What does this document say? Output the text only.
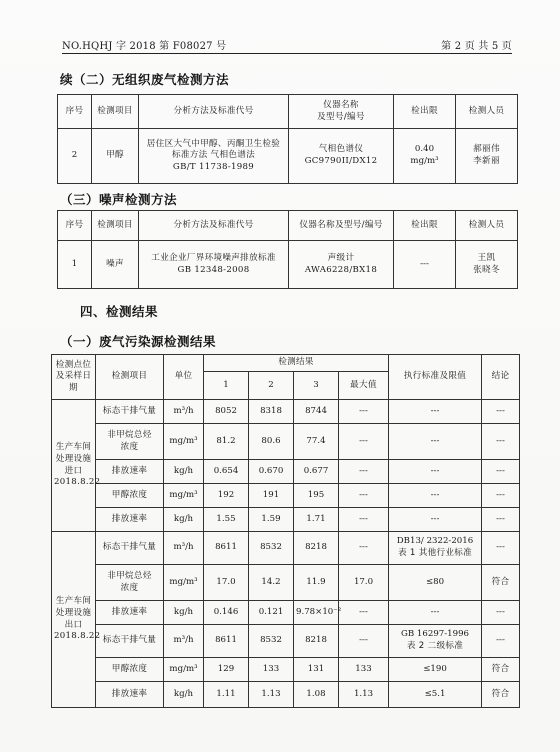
NO.HQHJ 字 2018 第 F08027 号	第 2 页 共 5 页
续（二）无组织废气检测方法
序号	检测项目	分析方法及标准代号	仪器名称
及型号/编号	检出限	检测人员
2	甲醇	居住区大气中甲醇、丙酮卫生检验
标准方法 气相色谱法
GB/T 11738-1989	气相色谱仪
GC9790II/DX12	0.40
mg/m³	郝丽伟
李新丽
（三）噪声检测方法
序号	检测项目	分析方法及标准代号	仪器名称及型号/编号	检出限	检测人员
1	噪声	工业企业厂界环境噪声排放标准
GB 12348-2008	声级计
AWA6228/BX18	---	王凯
张晓冬
四、检测结果
（一）废气污染源检测结果
检测点位
及采样日
期	检测项目	单位	检测结果				执行标准及限值	结论
			1	2	3	最大值		

生产车间
处理设施
进口
2018.8.22	标态干排气量	m³/h	8052	8318	8744	---	---	---

	非甲烷总烃
浓度	mg/m³	81.2	80.6	77.4	---	---	---
	排放速率	kg/h	0.654	0.670	0.677	---	---	---
	甲醇浓度	mg/m³	192	191	195	---	---	---
	排放速率	kg/h	1.55	1.59	1.71	---	---	---

生产车间
处理设施
出口
2018.8.22	标态干排气量	m³/h	8611	8532	8218	---	DB13/ 2322-2016
表 1 其他行业标准	---

	非甲烷总烃
浓度	mg/m³	17.0	14.2	11.9	17.0	≤80	符合
	排放速率	kg/h	0.146	0.121	9.78×10⁻²	---	---	---
	标态干排气量	m³/h	8611	8532	8218	---	GB 16297-1996
表 2 二级标准	---
	甲醇浓度	mg/m³	129	133	131	133	≤190	符合
	排放速率	kg/h	1.11	1.13	1.08	1.13	≤5.1	符合
